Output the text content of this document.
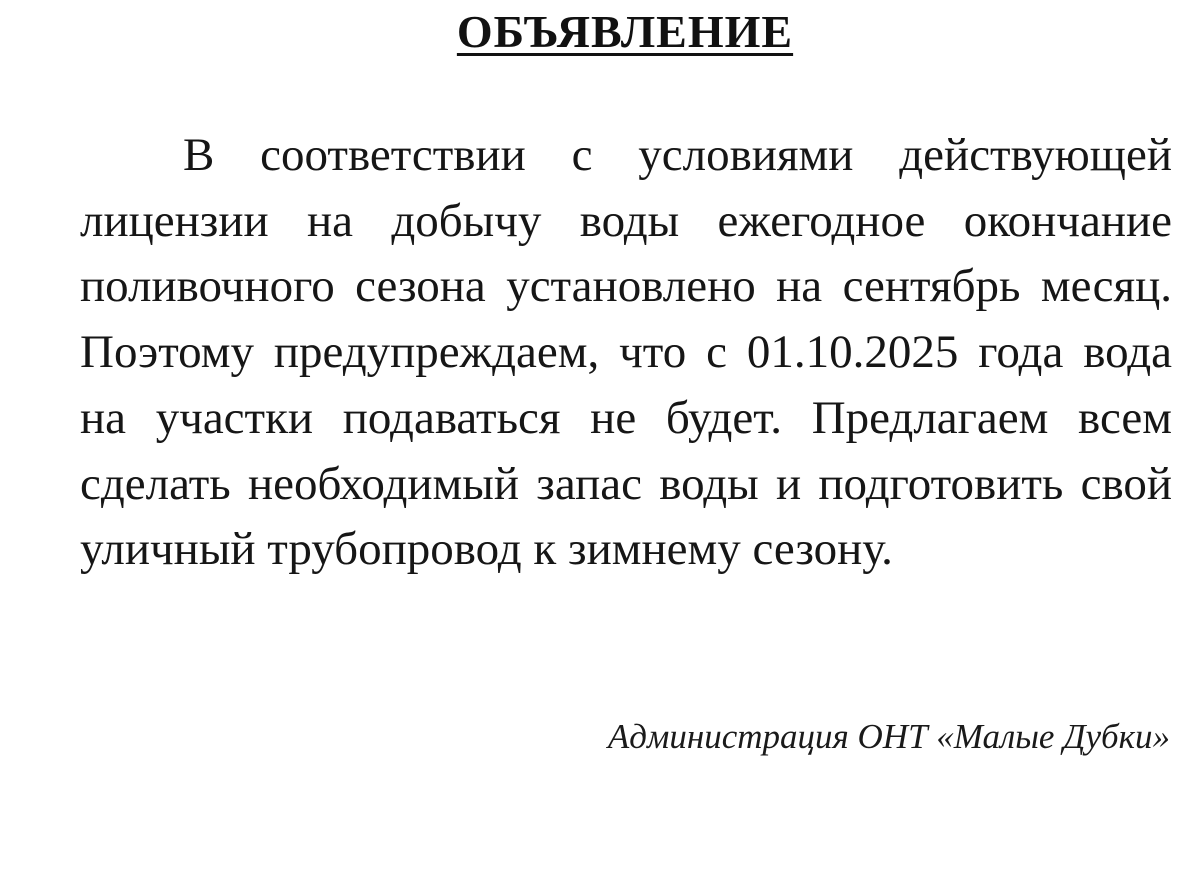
ОБЪЯВЛЕНИЕ

В соответствии с условиями действующей лицензии на добычу воды ежегодное окончание поливочного сезона установлено на сентябрь месяц. Поэтому предупреждаем, что с 01.10.2025 года вода на участки подаваться не будет. Предлагаем всем сделать необходимый запас воды и подготовить свой уличный трубопровод к зимнему сезону.

Администрация ОНТ «Малые Дубки»
